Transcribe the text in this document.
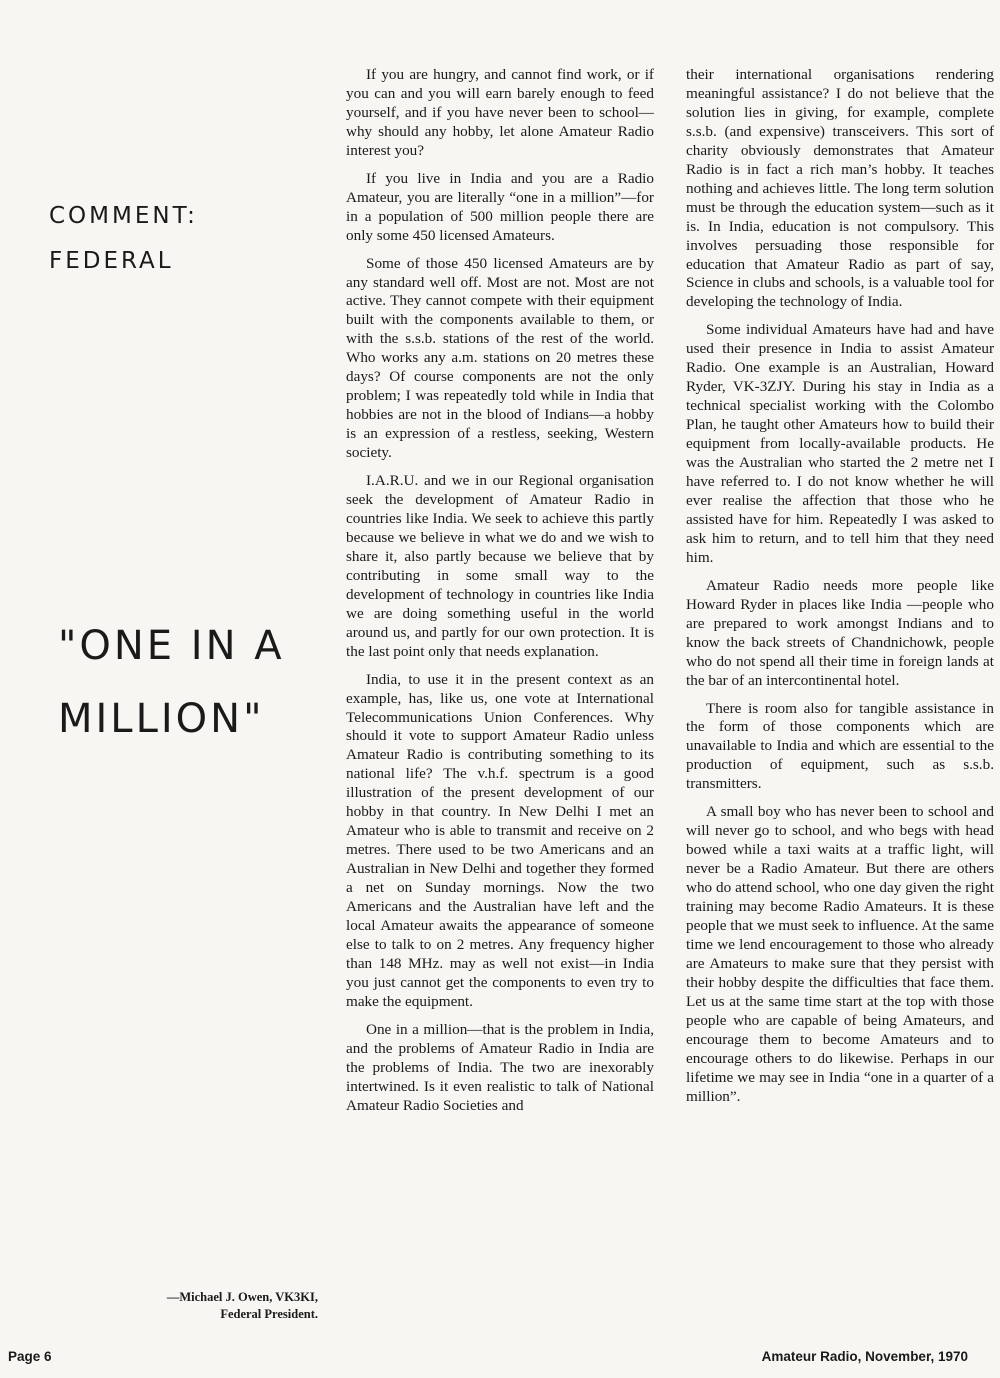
COMMENT:
FEDERAL
"ONE IN A
MILLION"

If you are hungry, and cannot find work, or if you can and you will earn barely enough to feed yourself, and if you have never been to school—why should any hobby, let alone Amateur Radio interest you?

If you live in India and you are a Radio Amateur, you are literally “one in a million”—for in a population of 500 million people there are only some 450 licensed Amateurs.

Some of those 450 licensed Amateurs are by any standard well off. Most are not. Most are not active. They cannot compete with their equipment built with the components available to them, or with the s.s.b. stations of the rest of the world. Who works any a.m. stations on 20 metres these days? Of course components are not the only problem; I was repeatedly told while in India that hobbies are not in the blood of Indians—a hobby is an expression of a restless, seeking, Western society.

I.A.R.U. and we in our Regional organisation seek the development of Amateur Radio in countries like India. We seek to achieve this partly because we believe in what we do and we wish to share it, also partly because we believe that by contributing in some small way to the development of technology in countries like India we are doing something useful in the world around us, and partly for our own protection. It is the last point only that needs explanation.

India, to use it in the present context as an example, has, like us, one vote at International Telecommunications Union Conferences. Why should it vote to support Amateur Radio unless Amateur Radio is contributing something to its national life? The v.h.f. spectrum is a good illustration of the present development of our hobby in that country. In New Delhi I met an Amateur who is able to transmit and receive on 2 metres. There used to be two Americans and an Australian in New Delhi and together they formed a net on Sunday mornings. Now the two Americans and the Australian have left and the local Amateur awaits the appearance of someone else to talk to on 2 metres. Any frequency higher than 148 MHz. may as well not exist—in India you just cannot get the components to even try to make the equipment.

One in a million—that is the problem in India, and the problems of Amateur Radio in India are the problems of India. The two are inexorably intertwined. Is it even realistic to talk of National Amateur Radio Societies and

their international organisations rendering meaningful assistance? I do not believe that the solution lies in giving, for example, complete s.s.b. (and expensive) transceivers. This sort of charity obviously demonstrates that Amateur Radio is in fact a rich man’s hobby. It teaches nothing and achieves little. The long term solution must be through the education system—such as it is. In India, education is not compulsory. This involves persuading those responsible for education that Amateur Radio as part of say, Science in clubs and schools, is a valuable tool for developing the technology of India.

Some individual Amateurs have had and have used their presence in India to assist Amateur Radio. One example is an Australian, Howard Ryder, VK-3ZJY. During his stay in India as a technical specialist working with the Colombo Plan, he taught other Amateurs how to build their equipment from locally-available products. He was the Australian who started the 2 metre net I have referred to. I do not know whether he will ever realise the affection that those who he assisted have for him. Repeatedly I was asked to ask him to return, and to tell him that they need him.

Amateur Radio needs more people like Howard Ryder in places like India —people who are prepared to work amongst Indians and to know the back streets of Chandnichowk, people who do not spend all their time in foreign lands at the bar of an intercontinental hotel.

There is room also for tangible assistance in the form of those components which are unavailable to India and which are essential to the production of equipment, such as s.s.b. transmitters.

A small boy who has never been to school and will never go to school, and who begs with head bowed while a taxi waits at a traffic light, will never be a Radio Amateur. But there are others who do attend school, who one day given the right training may become Radio Amateurs. It is these people that we must seek to influence. At the same time we lend encouragement to those who already are Amateurs to make sure that they persist with their hobby despite the difficulties that face them. Let us at the same time start at the top with those people who are capable of being Amateurs, and encourage them to become Amateurs and to encourage others to do likewise. Perhaps in our lifetime we may see in India “one in a quarter of a million”.

—Michael J. Owen, VK3KI,
Federal President.
Page 6	Amateur Radio, November, 1970
